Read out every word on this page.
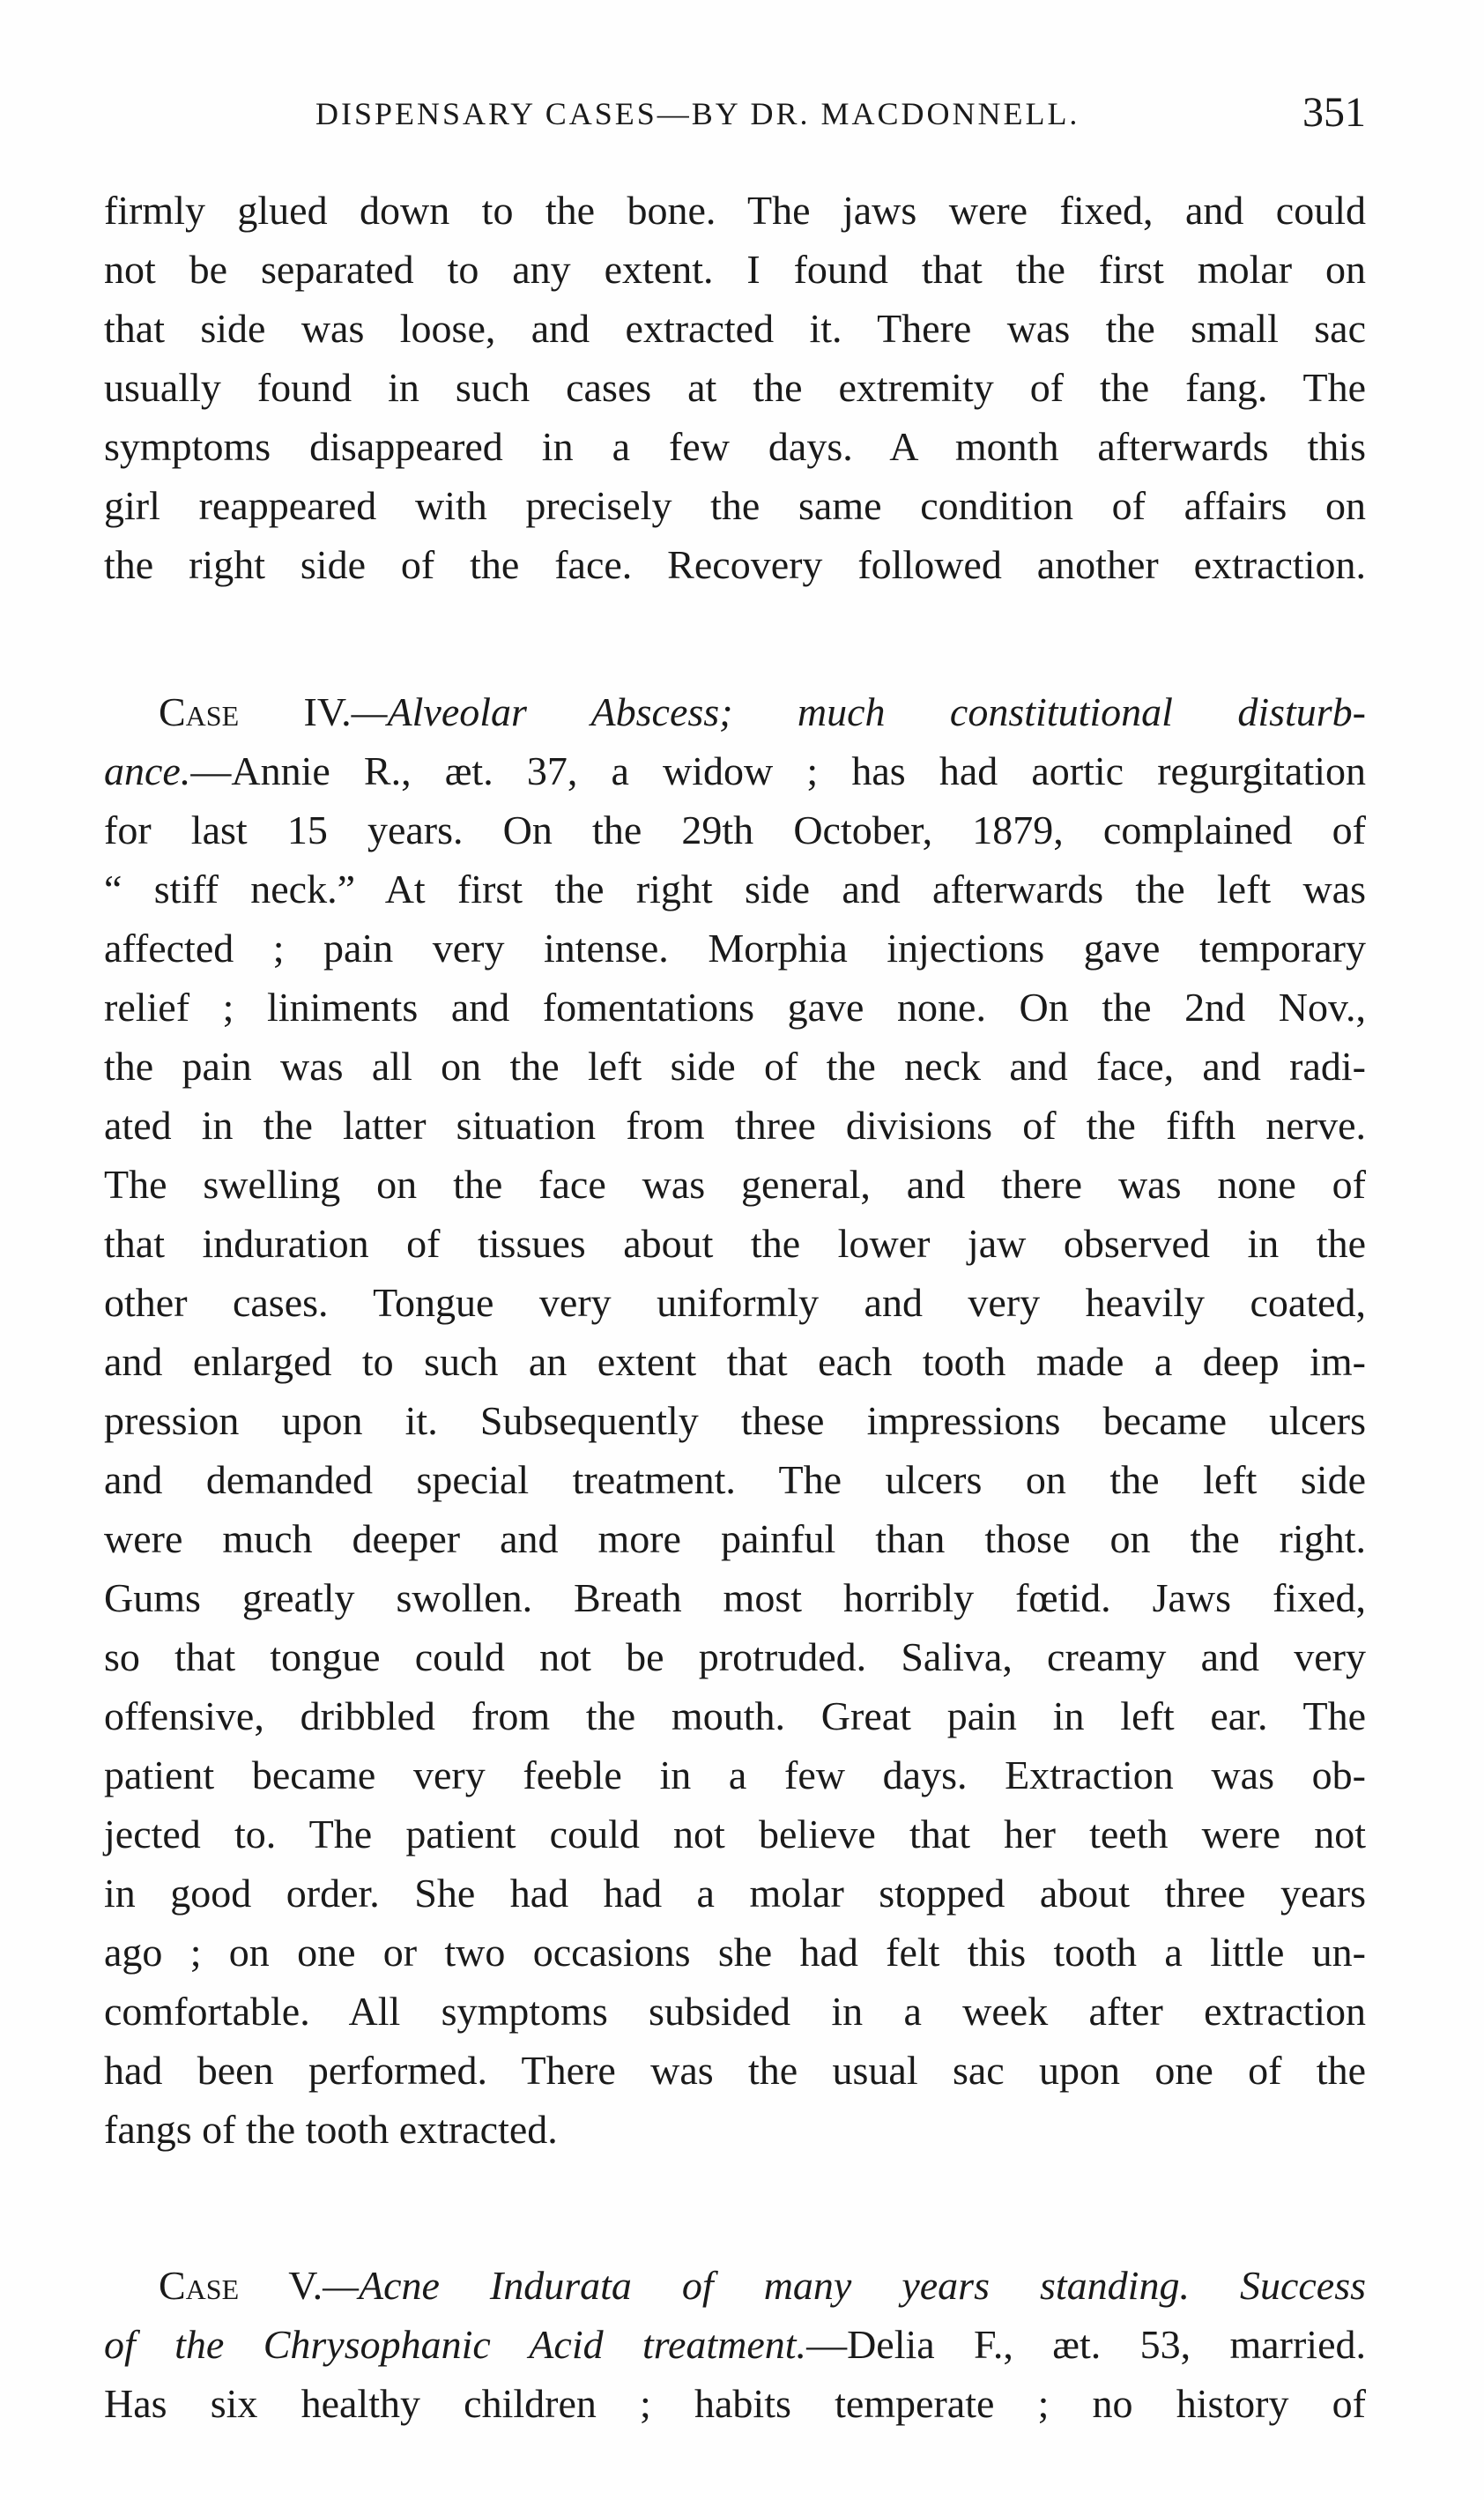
DISPENSARY CASES—BY DR. MACDONNELL.	351
firmly glued down to the bone. The jaws were fixed, and could
not be separated to any extent. I found that the first molar on
that side was loose, and extracted it. There was the small sac
usually found in such cases at the extremity of the fang. The
symptoms disappeared in a few days. A month afterwards this
girl reappeared with precisely the same condition of affairs on
the right side of the face. Recovery followed another extraction.
Case IV.—Alveolar Abscess; much constitutional disturb-
ance.—Annie R., æt. 37, a widow ; has had aortic regurgitation
for last 15 years. On the 29th October, 1879, complained of
“ stiff neck.” At first the right side and afterwards the left was
affected ; pain very intense. Morphia injections gave temporary
relief ; liniments and fomentations gave none. On the 2nd Nov.,
the pain was all on the left side of the neck and face, and radi-
ated in the latter situation from three divisions of the fifth nerve.
The swelling on the face was general, and there was none of
that induration of tissues about the lower jaw observed in the
other cases. Tongue very uniformly and very heavily coated,
and enlarged to such an extent that each tooth made a deep im-
pression upon it. Subsequently these impressions became ulcers
and demanded special treatment. The ulcers on the left side
were much deeper and more painful than those on the right.
Gums greatly swollen. Breath most horribly fœtid. Jaws fixed,
so that tongue could not be protruded. Saliva, creamy and very
offensive, dribbled from the mouth. Great pain in left ear. The
patient became very feeble in a few days. Extraction was ob-
jected to. The patient could not believe that her teeth were not
in good order. She had had a molar stopped about three years
ago ; on one or two occasions she had felt this tooth a little un-
comfortable. All symptoms subsided in a week after extraction
had been performed. There was the usual sac upon one of the
fangs of the tooth extracted.
Case V.—Acne Indurata of many years standing. Success
of the Chrysophanic Acid treatment.—Delia F., æt. 53, married.
Has six healthy children ; habits temperate ; no history of
